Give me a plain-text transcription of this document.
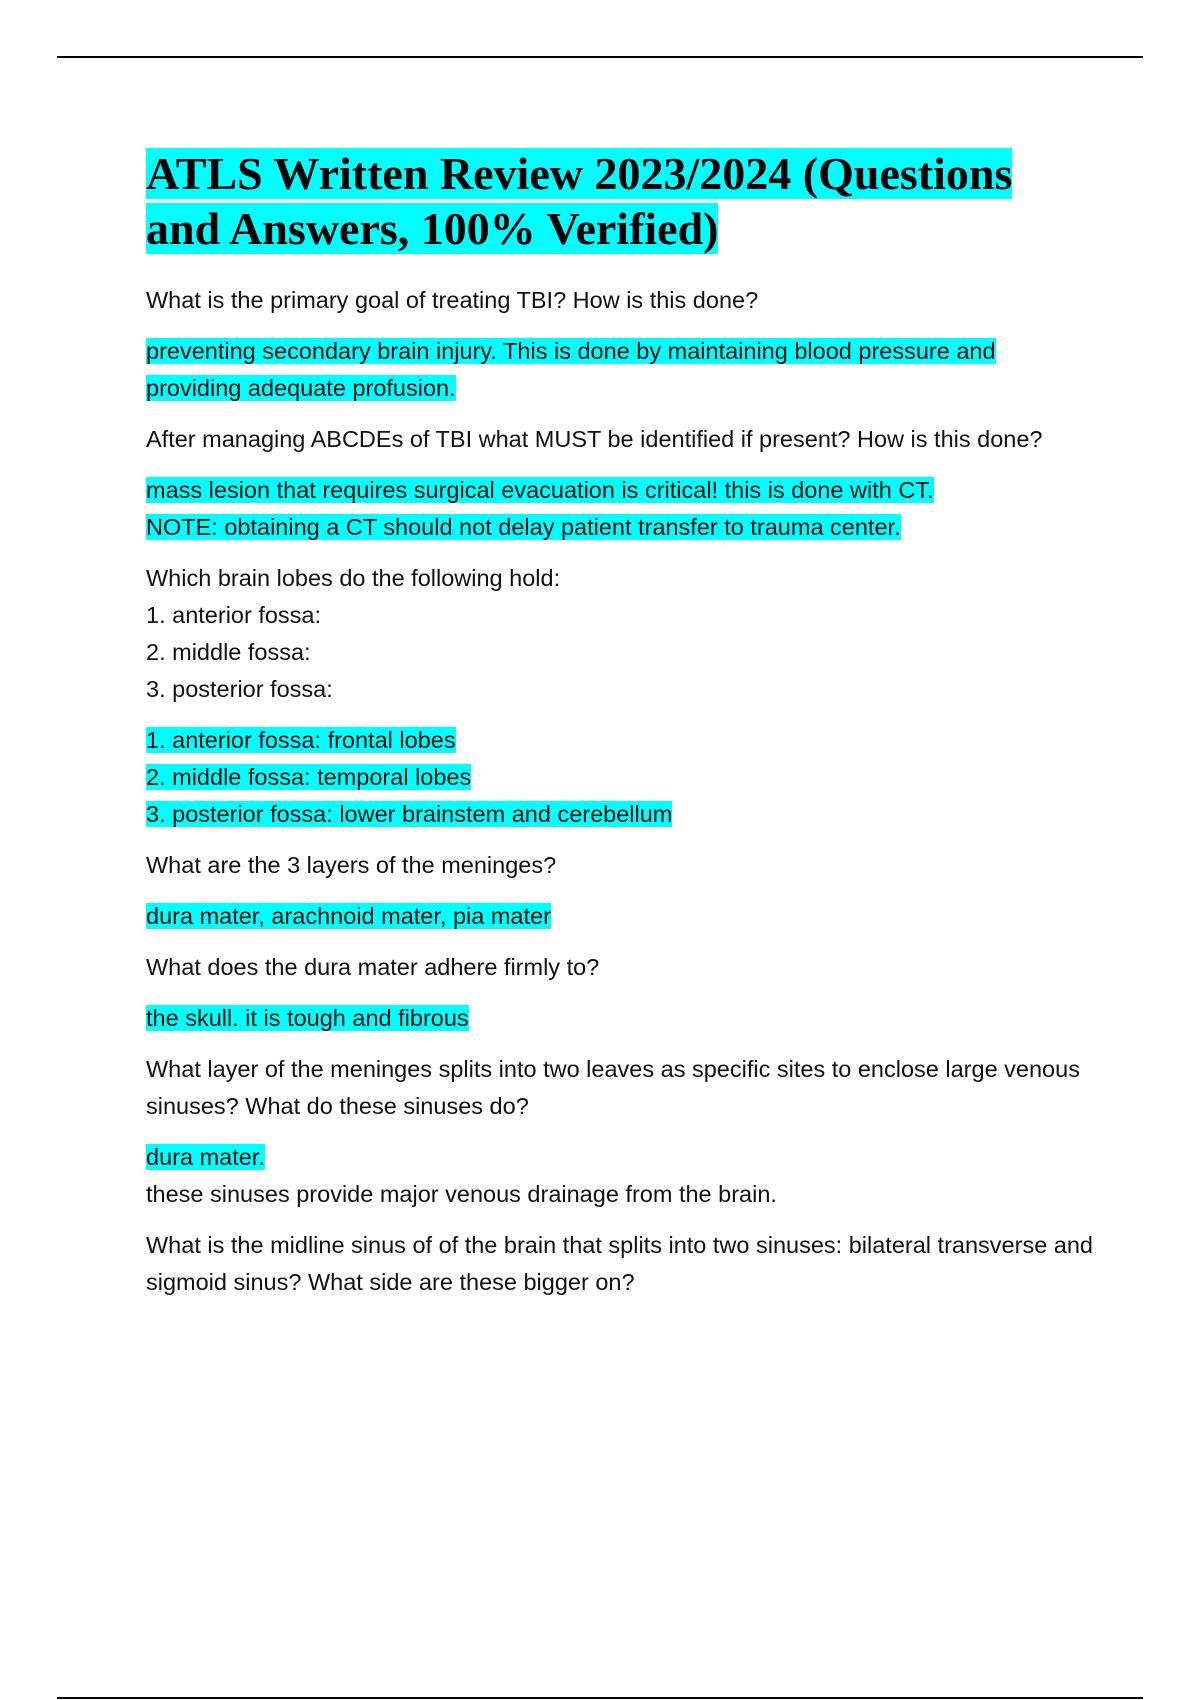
ATLS Written Review 2023/2024 (Questions and Answers, 100% Verified)

What is the primary goal of treating TBI? How is this done?

preventing secondary brain injury. This is done by maintaining blood pressure and providing adequate profusion.

After managing ABCDEs of TBI what MUST be identified if present? How is this done?

mass lesion that requires surgical evacuation is critical! this is done with CT.
NOTE: obtaining a CT should not delay patient transfer to trauma center.

Which brain lobes do the following hold:
1. anterior fossa:
2. middle fossa:
3. posterior fossa:

1. anterior fossa: frontal lobes
2. middle fossa: temporal lobes
3. posterior fossa: lower brainstem and cerebellum

What are the 3 layers of the meninges?

dura mater, arachnoid mater, pia mater

What does the dura mater adhere firmly to?

the skull. it is tough and fibrous

What layer of the meninges splits into two leaves as specific sites to enclose large venous sinuses? What do these sinuses do?

dura mater.
these sinuses provide major venous drainage from the brain.

What is the midline sinus of of the brain that splits into two sinuses: bilateral transverse and sigmoid sinus? What side are these bigger on?
